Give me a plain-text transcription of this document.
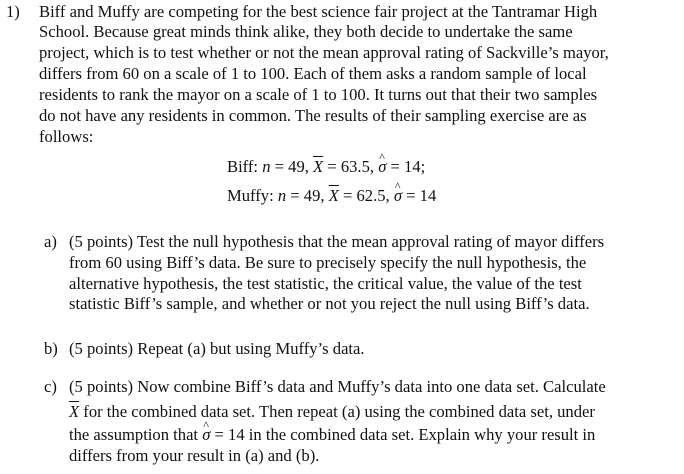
1) Biff and Muffy are competing for the best science fair project at the Tantramar High
School. Because great minds think alike, they both decide to undertake the same
project, which is to test whether or not the mean approval rating of Sackville’s mayor,
differs from 60 on a scale of 1 to 100. Each of them asks a random sample of local
residents to rank the mayor on a scale of 1 to 100. It turns out that their two samples
do not have any residents in common. The results of their sampling exercise are as
follows:
Biff: n = 49, $\overline{X} = 63.5$, ^ σ = 14;
Muffy: n = 49, $\overline{X} = 62.5$, ^ σ = 14
a) (5 points) Test the null hypothesis that the mean approval rating of mayor differs
from 60 using Biff’s data. Be sure to precisely specify the null hypothesis, the
alternative hypothesis, the test statistic, the critical value, the value of the test
statistic Biff’s sample, and whether or not you reject the null using Biff’s data.
b) (5 points) Repeat (a) but using Muffy’s data.
c) (5 points) Now combine Biff’s data and Muffy’s data into one data set. Calculate
$\overline{X}$ for the combined data set. Then repeat (a) using the combined data set, under
the assumption that ^ σ = 14 in the combined data set. Explain why your result in
differs from your result in (a) and (b).
